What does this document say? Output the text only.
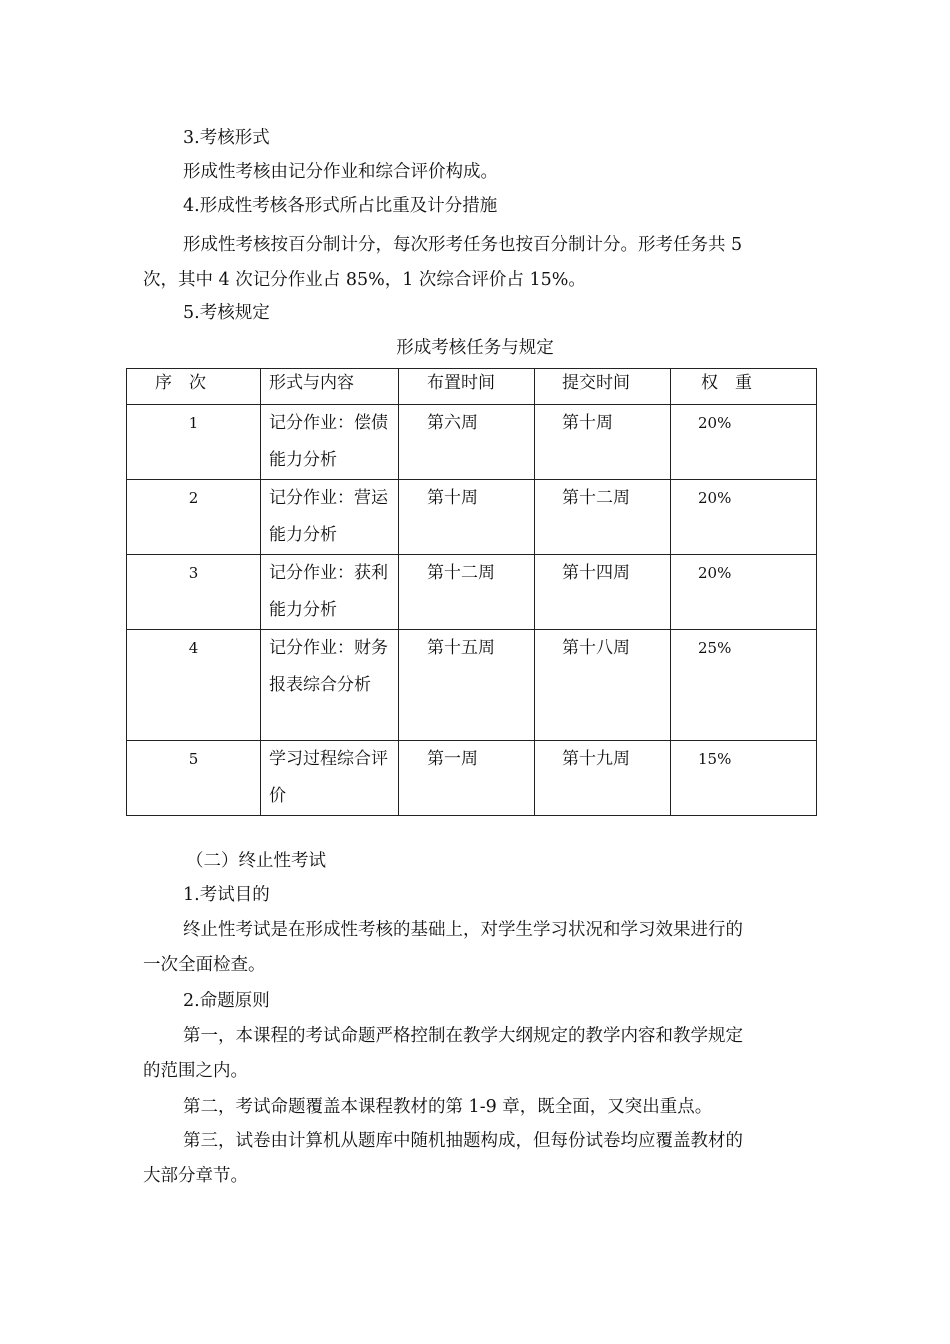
3.考核形式
形成性考核由记分作业和综合评价构成。
4.形成性考核各形式所占比重及计分措施
形成性考核按百分制计分，每次形考任务也按百分制计分。形考任务共 5
次，其中 4 次记分作业占 85%，1 次综合评价占 15%。
5.考核规定
形成考核任务与规定
序　次	形式与内容	布置时间	提交时间	权　重
1	记分作业：偿债能力分析	第六周	第十周	20%
2	记分作业：营运能力分析	第十周	第十二周	20%
3	记分作业：获利能力分析	第十二周	第十四周	20%
4	记分作业：财务报表综合分析	第十五周	第十八周	25%
5	学习过程综合评价	第一周	第十九周	15%
（二）终止性考试
1.考试目的
终止性考试是在形成性考核的基础上，对学生学习状况和学习效果进行的
一次全面检查。
2.命题原则
第一，本课程的考试命题严格控制在教学大纲规定的教学内容和教学规定
的范围之内。
第二，考试命题覆盖本课程教材的第 1-9 章，既全面，又突出重点。
第三，试卷由计算机从题库中随机抽题构成，但每份试卷均应覆盖教材的
大部分章节。
